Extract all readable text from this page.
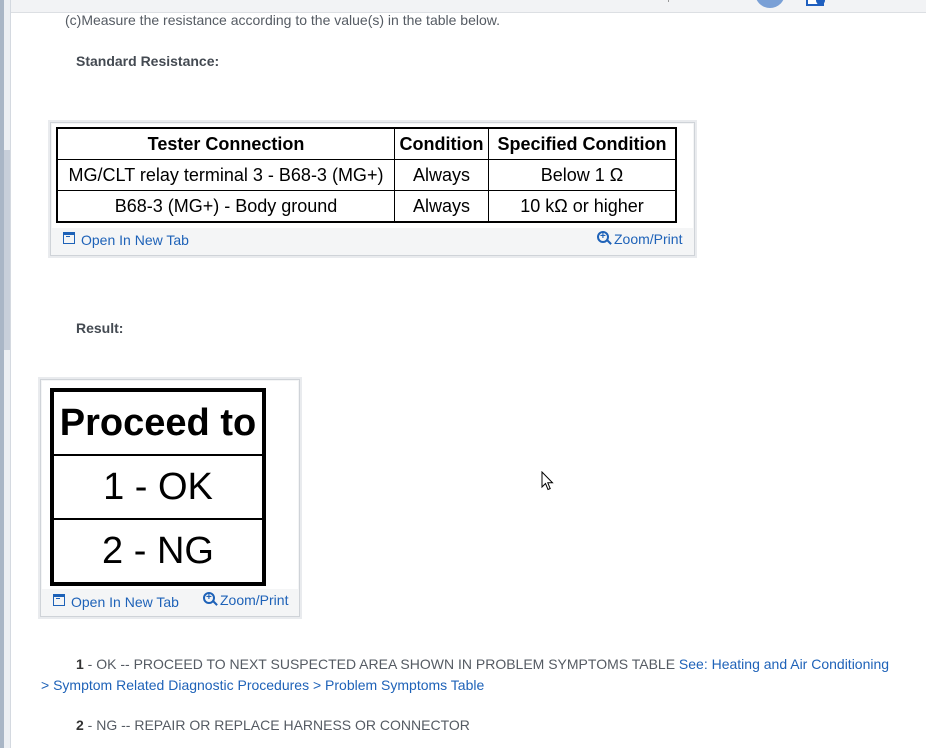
(c)Measure the resistance according to the value(s) in the table below.
Standard Resistance:
Tester Connection	Condition	Specified Condition
MG/CLT relay terminal 3 - B68-3 (MG+)	Always	Below 1 Ω
B68-3 (MG+) - Body ground	Always	10 kΩ or higher
Open In New Tab	+ Zoom/Print
Result:
Proceed to
1 - OK
2 - NG
Open In New Tab	+ Zoom/Print
1 - OK -- PROCEED TO NEXT SUSPECTED AREA SHOWN IN PROBLEM SYMPTOMS TABLE See: Heating and Air Conditioning > Symptom Related Diagnostic Procedures > Problem Symptoms Table
2 - NG -- REPAIR OR REPLACE HARNESS OR CONNECTOR
